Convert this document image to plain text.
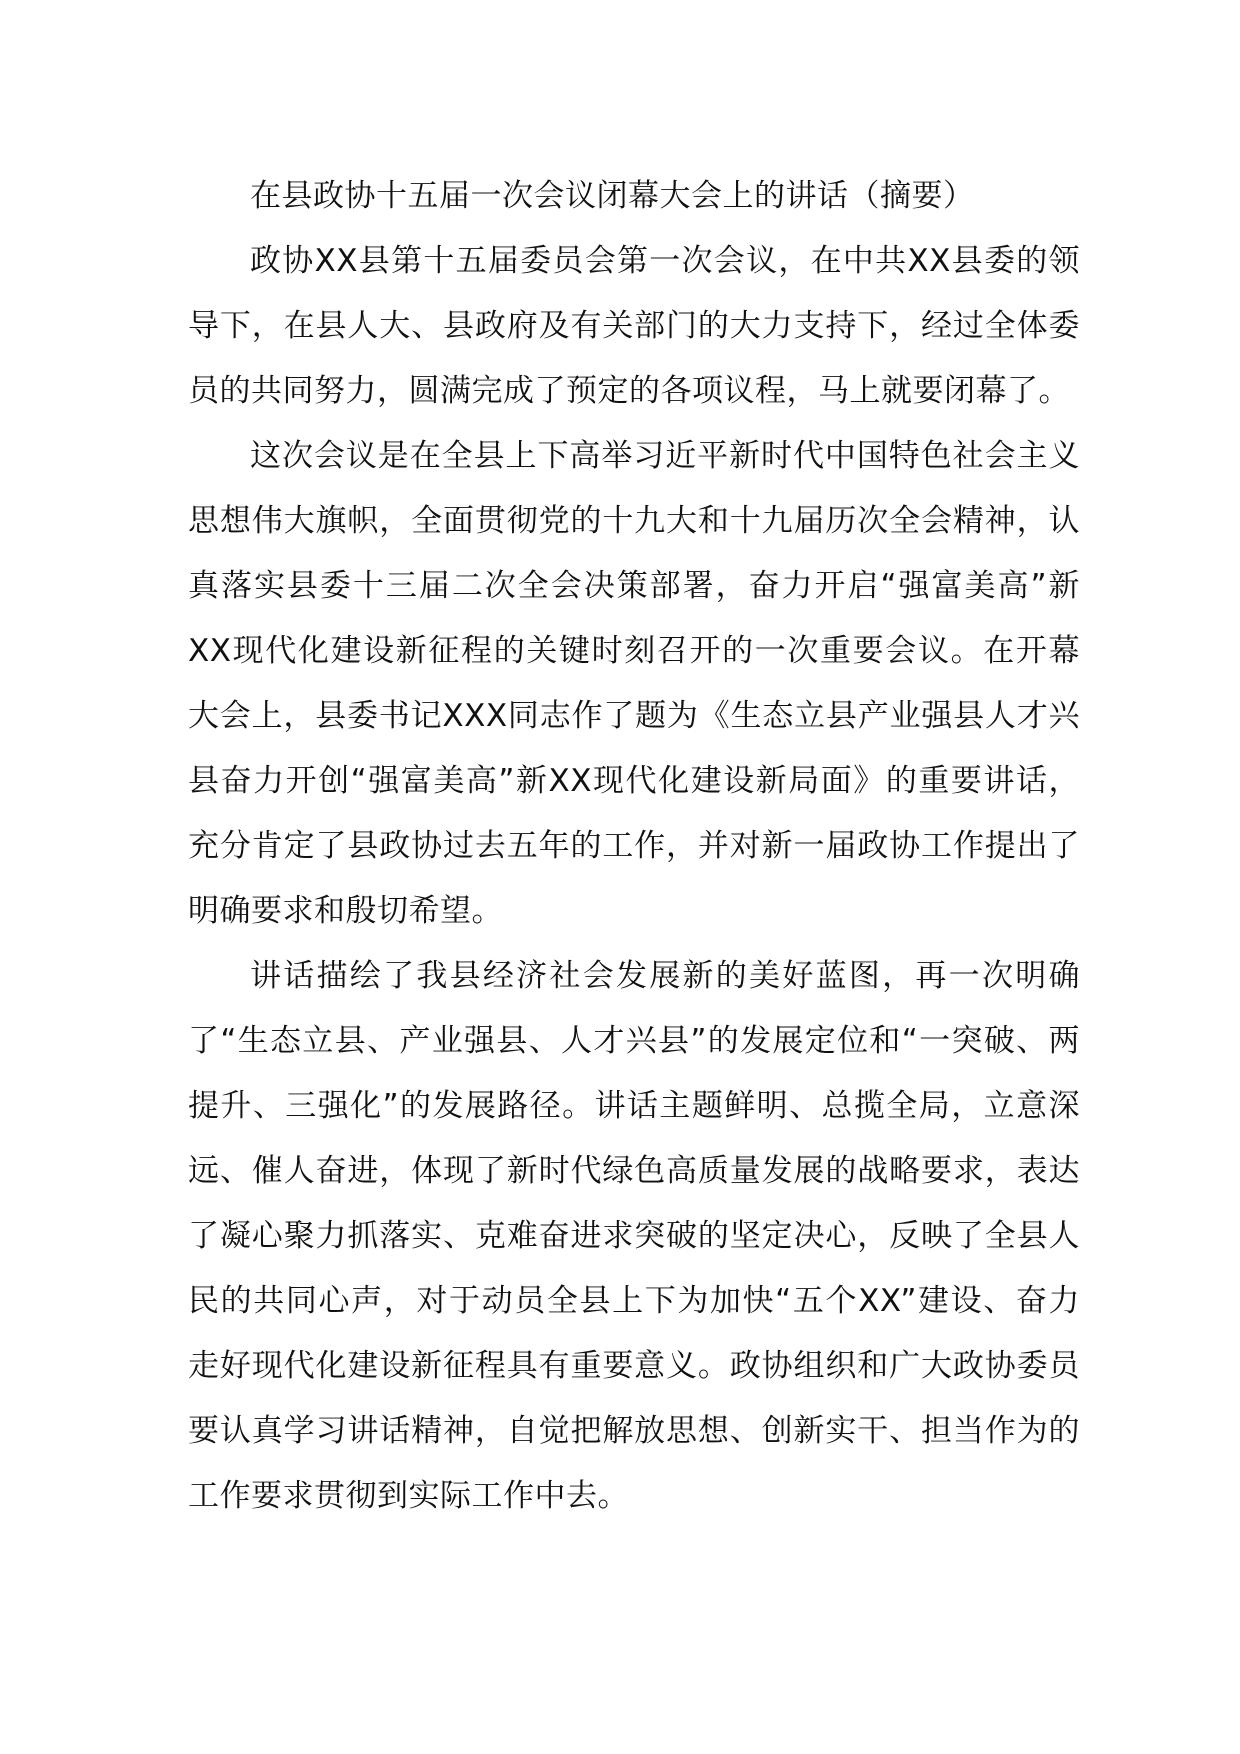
在县政协十五届一次会议闭幕大会上的讲话（摘要）

政协XX县第十五届委员会第一次会议，在中共XX县委的领导下，在县人大、县政府及有关部门的大力支持下，经过全体委员的共同努力，圆满完成了预定的各项议程，马上就要闭幕了。

这次会议是在全县上下高举习近平新时代中国特色社会主义思想伟大旗帜，全面贯彻党的十九大和十九届历次全会精神，认真落实县委十三届二次全会决策部署，奋力开启“强富美高”新XX现代化建设新征程的关键时刻召开的一次重要会议。在开幕大会上，县委书记XXX同志作了题为《生态立县产业强县人才兴县奋力开创“强富美高”新XX现代化建设新局面》的重要讲话，充分肯定了县政协过去五年的工作，并对新一届政协工作提出了明确要求和殷切希望。

讲话描绘了我县经济社会发展新的美好蓝图，再一次明确了“生态立县、产业强县、人才兴县”的发展定位和“一突破、两提升、三强化”的发展路径。讲话主题鲜明、总揽全局，立意深远、催人奋进，体现了新时代绿色高质量发展的战略要求，表达了凝心聚力抓落实、克难奋进求突破的坚定决心，反映了全县人民的共同心声，对于动员全县上下为加快“五个XX”建设、奋力走好现代化建设新征程具有重要意义。政协组织和广大政协委员要认真学习讲话精神，自觉把解放思想、创新实干、担当作为的工作要求贯彻到实际工作中去。
